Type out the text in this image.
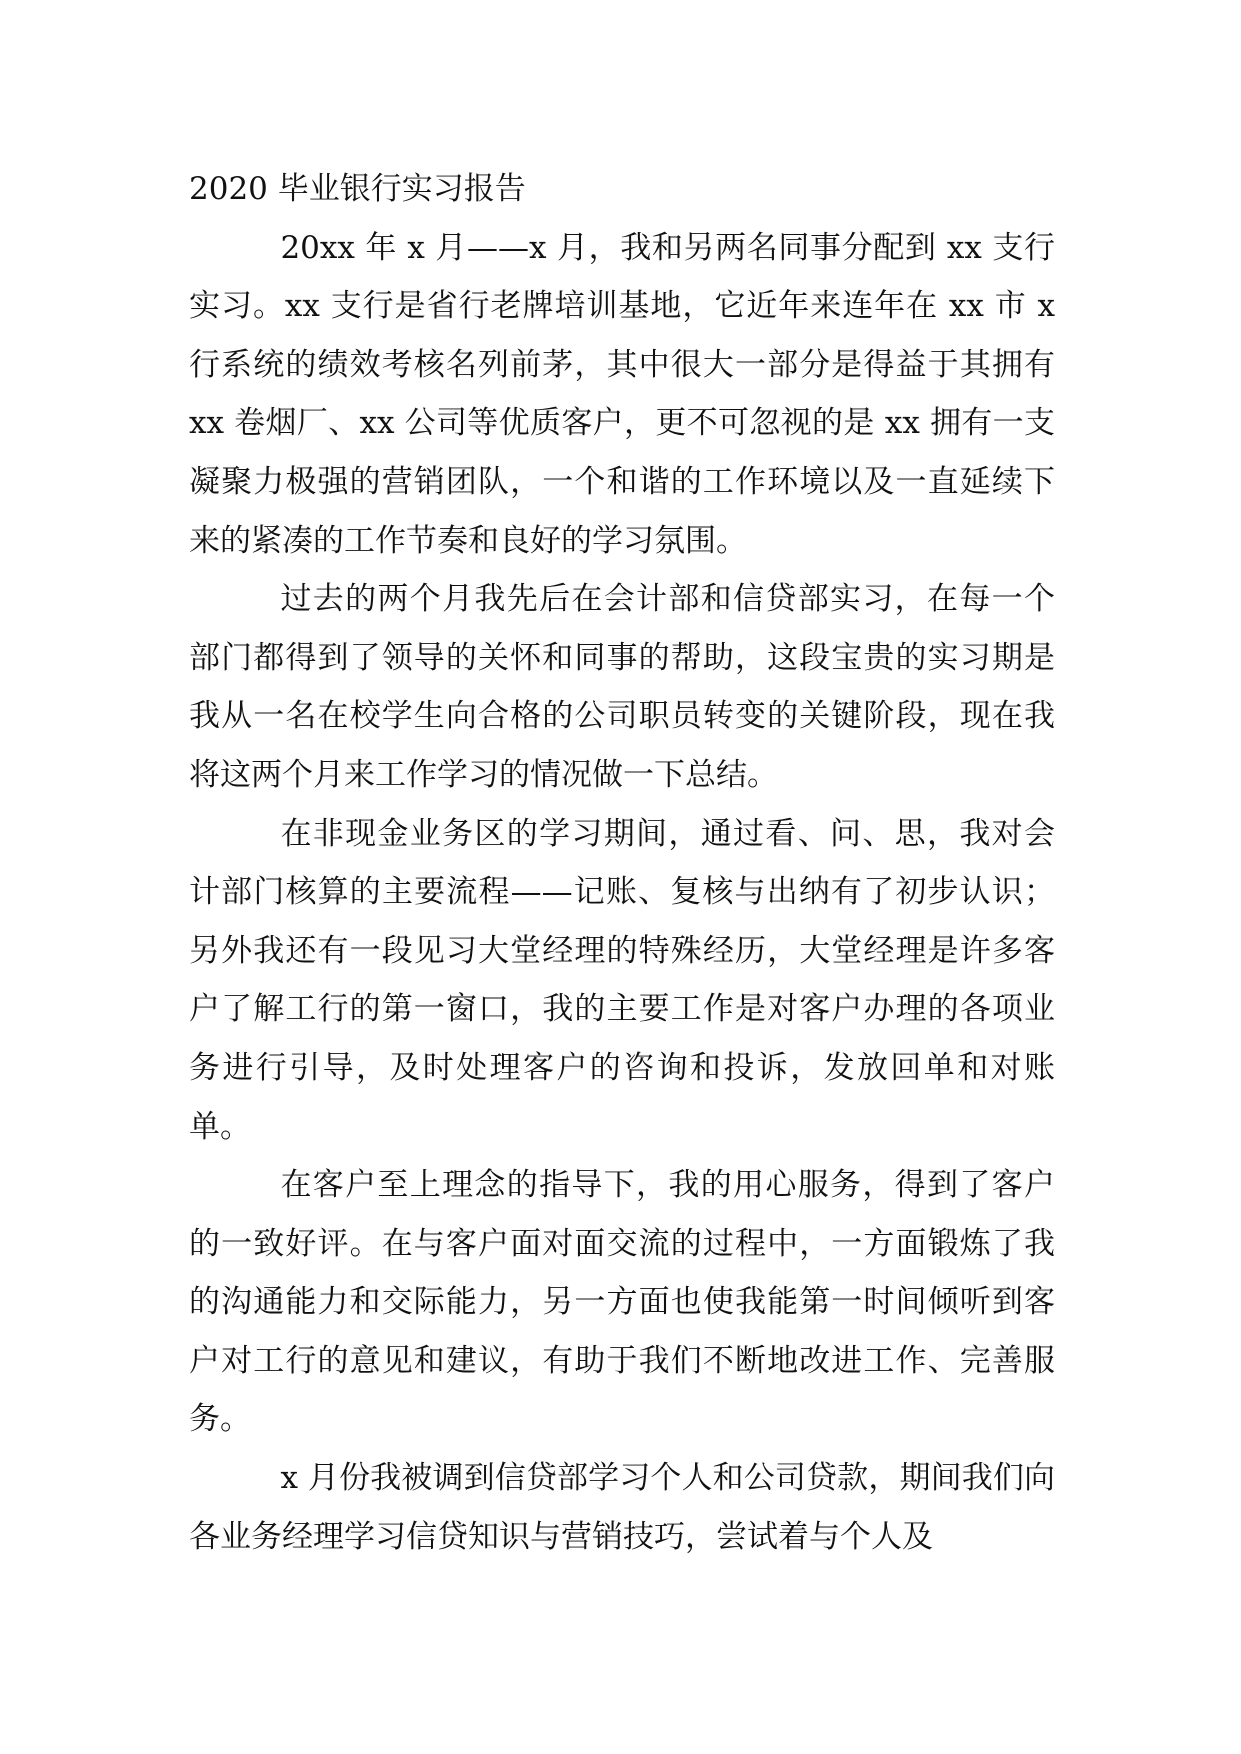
2020 毕业银行实习报告

20xx 年 x 月——x 月，我和另两名同事分配到 xx 支行实习。xx 支行是省行老牌培训基地，它近年来连年在 xx 市 x 行系统的绩效考核名列前茅，其中很大一部分是得益于其拥有 xx 卷烟厂、xx 公司等优质客户，更不可忽视的是 xx 拥有一支凝聚力极强的营销团队，一个和谐的工作环境以及一直延续下来的紧凑的工作节奏和良好的学习氛围。

过去的两个月我先后在会计部和信贷部实习，在每一个部门都得到了领导的关怀和同事的帮助，这段宝贵的实习期是我从一名在校学生向合格的公司职员转变的关键阶段，现在我将这两个月来工作学习的情况做一下总结。

在非现金业务区的学习期间，通过看、问、思，我对会计部门核算的主要流程——记账、复核与出纳有了初步认识；另外我还有一段见习大堂经理的特殊经历，大堂经理是许多客户了解工行的第一窗口，我的主要工作是对客户办理的各项业务进行引导，及时处理客户的咨询和投诉，发放回单和对账单。

在客户至上理念的指导下，我的用心服务，得到了客户的一致好评。在与客户面对面交流的过程中，一方面锻炼了我的沟通能力和交际能力，另一方面也使我能第一时间倾听到客户对工行的意见和建议，有助于我们不断地改进工作、完善服务。

x 月份我被调到信贷部学习个人和公司贷款，期间我们向各业务经理学习信贷知识与营销技巧，尝试着与个人及
